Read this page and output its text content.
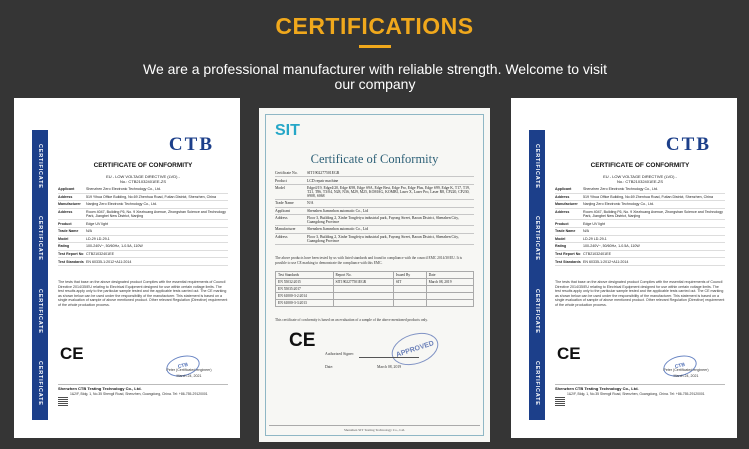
CERTIFICATIONS
We are a professional manufacturer with reliable strength. Welcome to visit our company
CERTIFICATE
CERTIFICATE
CERTIFICATE
CERTIFICATE
CTB
CERTIFICATE OF CONFORMITY
EU - LOW VOLTAGE DIRECTIVE (LVD) -
No.: CTB21032401EE-ZS
Applicant	Shenzhen Zero Electronic Technology Co., Ltd.
Address	519 Yihua Office Building, No.69 Zhenhua Road, Futian District, Shenzhen, China
Manufacturer	Nanjing Zero Electronic Technology Co., Ltd.
Address	Room 4047, Building F6, No. 9 Xiezhuang Avenue, Zhongshan Science and Technology Park, Jiangbei New District, Nanjing
Product	Edge UV light
Trade Name	N/A
Model	LD-29 LD-29-1
Rating	100-240V~, 50/60Hz, 1-0.5A, 110W
Test Report No CTB21032401EE
Test Standards EN 60335-1:2012+A11:2014
The tests that base on the above designated product Complies with the essential requirements of Council Directive 2014/35/EU relating to Electrical Equipment designed for use within certain voltage limits. The test results apply only to the particular sample tested and the applicable tests carried out. The CE marking as shown below can be used under the responsibility of the manufacturer. This statement is based on a single evaluation of sample of above mentioned product. Other relevant Regulation (Directive) requirement of the whole production process.
CE
CTB
Peter (Certificated engineer)
March 24, 2021
Shenzhen CTB Testing Technology Co., Ltd.

1&2/F, Bldg. 1, No.35 Shengli Road, Shenzhen, Guangdong, China. Tel: +86-755-29120001
SIT
Certificate of Conformity
Certificate No.	SIT1902277501EGR
Product	LCD repair machine
Model	Edge4/19, Edge4/20, Edge K98, Edge S9A, Edge Best, Edge Pro, Edge Plus, Edge S99, Edge K, T17, T19, T21, T86, T3/04, N28, N36, M29, M25, KOMAG, KOMBI, Laser X, Laser Pro, Laser R8, CP220, CP230, S908, S068
Trade Name	N/A
Applicant	Shenzhen Jiamnrhon automatic Co., Ltd
Address	Floor 3, Building 2, Xinhe Tongfeiyu industrial park, Fuyong Street, Baoan District, Shenzhen City, Guangdong Province
Manufacturer	Shenzhen Jiamnrhon automatic Co., Ltd
Address	Floor 3, Building 2, Xinhe Tongfeiyu industrial park, Fuyong Street, Baoan District, Shenzhen City, Guangdong Province
The above products have been tested by us with listed standards and found in compliance with the council EMC 2014/30/EU. It is possible to use CE marking to demonstrate the compliance with this EMC.
Test Standards	Report No.	Issued By	Date
EN 55032:2015	SIT1902277501EGR	SIT	March 08, 2019
EN 55035:2017			
EN 61000-3-2:2014			
EN 61000-3-3:2013			
This certificate of conformity is based on an evaluation of a sample of the above mentioned products only.
CE	APPROVED
Authorized Signer:
Date:	March 08, 2019
Shenzhen SIT Testing Technology Co., Ltd.
CERTIFICATE
CERTIFICATE
CERTIFICATE
CERTIFICATE
CTB
CERTIFICATE OF CONFORMITY
EU - LOW VOLTAGE DIRECTIVE (LVD) -
No.: CTB21032401EE-ZS
Applicant	Shenzhen Zero Electronic Technology Co., Ltd.
Address	519 Yihua Office Building, No.69 Zhenhua Road, Futian District, Shenzhen, China
Manufacturer	Nanjing Zero Electronic Technology Co., Ltd.
Address	Room 4047, Building F6, No. 9 Xiezhuang Avenue, Zhongshan Science and Technology Park, Jiangbei New District, Nanjing
Product	Edge UV light
Trade Name	N/A
Model	LD-29 LD-29-1
Rating	100-240V~, 50/60Hz, 1-0.5A, 110W
Test Report No CTB21032401EE
Test Standards EN 60335-1:2012+A11:2014
The tests that base on the above designated product Complies with the essential requirements of Council Directive 2014/35/EU relating to Electrical Equipment designed for use within certain voltage limits. The test results apply only to the particular sample tested and the applicable tests carried out. The CE marking as shown below can be used under the responsibility of the manufacturer. This statement is based on a single evaluation of sample of above mentioned product. Other relevant Regulation (Directive) requirement of the whole production process.
CE
CTB
Peter (Certificated engineer)
March 24, 2021
Shenzhen CTB Testing Technology Co., Ltd.

1&2/F, Bldg. 1, No.35 Shengli Road, Shenzhen, Guangdong, China. Tel: +86-755-29120001
